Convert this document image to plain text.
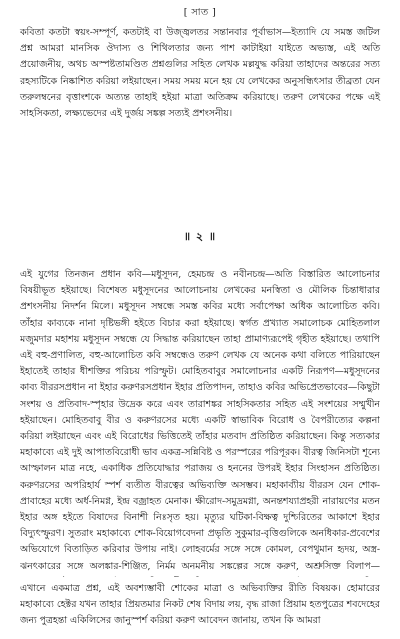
[ সাত ]

কবিতা কতটা স্বয়ং-সম্পূর্ণ, কতটাই বা উজ্জ্বলতর সন্তানবার পূর্বাভাস—ইত্যাদি যে সমস্ত জটিল প্রশ্ন আমরা মানসিক ঔদাস্য ও শিথিলতার জন্য পাশ কাটাইয়া যাইতে অভ্যস্ত, এই অতি প্রয়োজনীয়, অথচ অস্পষ্টতামণ্ডিত প্রশ্নগুলির সহিত লেখক মল্লযুদ্ধ করিয়া তাহাদের অন্তরের সত্য রহস্যটিকে নিষ্কাশিত করিয়া লইয়াছেন। সময় সময় মনে হয় যে লেখকের অনুসন্ধিৎসার তীব্রতা যেন তরুলম্বনের বৃত্তাংশকে অত্যন্ত তাহাই হইয়া মাত্রা অতিক্রম করিয়াছে। তরুণ লেখকের পক্ষে এই সাহসিকতা, লক্ষ্যভেদের এই দুর্জয় সঙ্কল্প সত্যই প্রশংসনীয়।

॥ ২ ॥

এই যুগের তিনজন প্রধান কবি—মধুসূদন, হেমচন্দ্র ও নবীনচন্দ্র—অতি বিস্তারিত আলোচনার বিষয়ীভূত হইয়াছে। বিশেষত মধুসূদনের আলোচনায় লেখকের মনস্বিতা ও মৌলিক চিন্তাধারার প্রশংসনীয় নিদর্শন মিলে। মধুসূদন সম্বন্ধে সমস্ত কবির মধ্যে সর্বাপেক্ষা অধিক আলোচিত কবি। তাঁহার কাব্যকে নানা দৃষ্টিভঙ্গী হইতে বিচার করা হইয়াছে। স্বর্গত প্রখ্যাত সমালোচক মোহিতলাল মজুমদার মহাশয় মধুসূদন সম্বন্ধে যে সিদ্ধান্ত করিয়াছেন তাহা প্রামাণ্যরূপেই গৃহীত হইয়াছে। তথাপি এই বহু-প্রণালিত, বহু-আলোচিত কবি সম্বন্ধেও তরুণ লেখক যে অনেক কথা বলিতে পারিয়াছেন ইহাতেই তাহার ধীশক্তির পরিচয় পরিস্ফুট। মোহিতবাবুর সমালোচনার একটি নিরূপণ—মধুসূদনের কাব্য বীররসপ্রধান না ইহার করুণরসপ্রধান ইহার প্রতিপাদন, তাহাও কবির অভিপ্রেতভাবের—কিছুটা সংশয় ও প্রতিবাদ-স্পৃহার উদ্রেক করে এবং তারাশঙ্কর সাহসিকতার সহিত এই সংশয়ের সম্মুখীন হইয়াছেন। মোহিতবাবু বীর ও করুণরসের মধ্যে একটি স্বাভাবিক বিরোধ ও বৈপরীত্যের কল্পনা করিয়া লইয়াছেন এবং এই বিরোধের ভিত্তিতেই তাঁহার মতবাদ প্রতিষ্ঠিত করিয়াছেন। কিন্তু সত্যকার মহাকাব্যে এই দুই আপাতবিরোধী ভাব একত্র-সন্নিবিষ্ট ও পরস্পরের পরিপূরক। বীরত্ব জিনিসটা শূন্যে আস্ফালন মাত্র নহে, একাধিক প্রতিযোদ্ধার পরাজয় ও হননের উপরই ইহার সিংহাসন প্রতিষ্ঠিত। করুণরসের অপরিহার্য স্পর্শ ব্যতীত বীরত্বের অভিব্যক্তি অসম্ভব। মহাকাব্যীয় বীররস যেন শোক-প্রাবাহের মধ্যে অর্ধ-নিমগ্ন, ইন্দ্র বজ্রাহত মেনাক। ক্ষীরোদ-সমুদ্রমগ্না, অনন্তশয্যাপ্রহরী নারায়ণের মতন ইহার অঙ্গ হইতে বিষাদের বিনাশী নিঃসৃত হয়। মৃত্যুর ঘটিকা-বিক্ষত্ব দুশ্চিরিতের আকাশে ইহার বিদ্যুৎস্ফুরণ। সুতরাং মহাকাব্যে শোক-বিয়োগবেদনা প্রভৃতি সুকুমার-বৃত্তিগুলিকে অনধিকার-প্রবেশের অভিযোগে বিতাড়িত করিবার উপায় নাই। লোহবর্মের সঙ্গে সঙ্গে কোমল, বেপথুমান হৃদয়, অস্ত্র-ঝনৎকারের সঙ্গে অলঙ্কার-শিঞ্জিত, নির্মম অনমনীয় সঙ্কল্পের সঙ্গে করুণ, অশ্রুসিক্ত বিলাপ—

এখানে একমাত্র প্রশ্ন, এই অবশ্যম্ভাবী শোকের মাত্রা ও অভিব্যক্তির রীতি বিষয়ক। হোমারের মহাকাব্যে হেক্টর যখন তাহার প্রিয়তমার নিকট শেষ বিদায় লয়, বৃদ্ধ রাজা প্রিয়াম হতপুত্রের শবদেহের জন্য পুত্রহন্তা একিলিসের জানুস্পর্শ করিয়া করুণ আবেদন জানায়, তখন কি আমরা
